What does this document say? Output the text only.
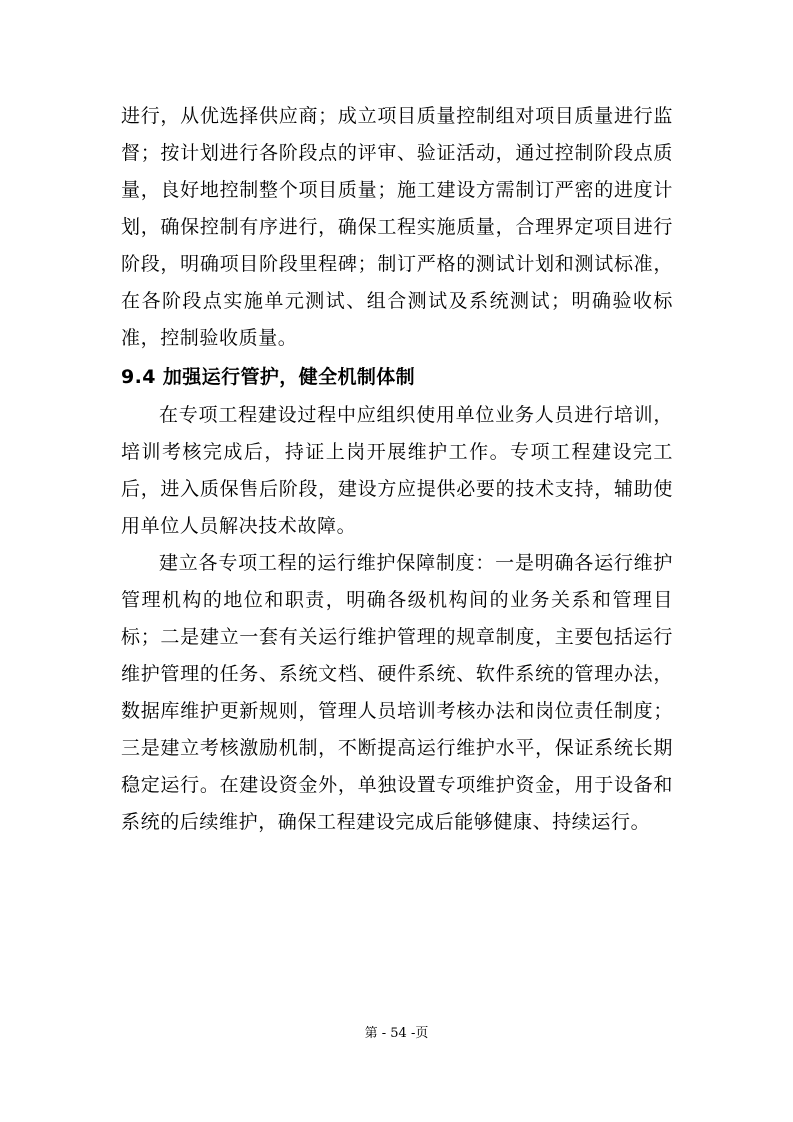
进行，从优选择供应商；成立项目质量控制组对项目质量进行监督；按计划进行各阶段点的评审、验证活动，通过控制阶段点质量，良好地控制整个项目质量；施工建设方需制订严密的进度计划，确保控制有序进行，确保工程实施质量，合理界定项目进行阶段，明确项目阶段里程碑；制订严格的测试计划和测试标准，在各阶段点实施单元测试、组合测试及系统测试；明确验收标准，控制验收质量。

9.4 加强运行管护，健全机制体制

在专项工程建设过程中应组织使用单位业务人员进行培训，培训考核完成后，持证上岗开展维护工作。专项工程建设完工后，进入质保售后阶段，建设方应提供必要的技术支持，辅助使用单位人员解决技术故障。

建立各专项工程的运行维护保障制度：一是明确各运行维护管理机构的地位和职责，明确各级机构间的业务关系和管理目标；二是建立一套有关运行维护管理的规章制度，主要包括运行维护管理的任务、系统文档、硬件系统、软件系统的管理办法，数据库维护更新规则，管理人员培训考核办法和岗位责任制度；三是建立考核激励机制，不断提高运行维护水平，保证系统长期稳定运行。在建设资金外，单独设置专项维护资金，用于设备和系统的后续维护，确保工程建设完成后能够健康、持续运行。

第 - 54 -页
